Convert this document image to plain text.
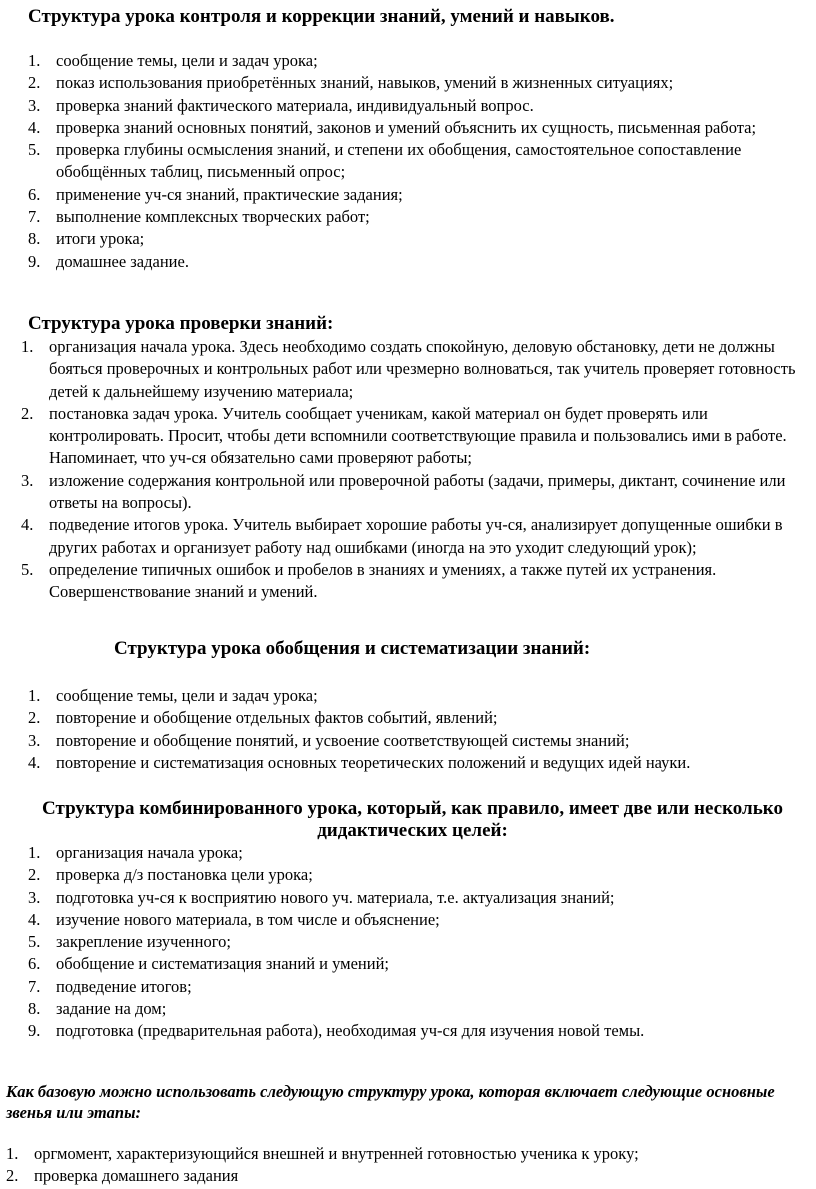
Структура урока контроля и коррекции знаний, умений и навыков.
1. сообщение темы, цели и задач урока;
2. показ использования приобретённых знаний, навыков, умений в жизненных ситуациях;
3. проверка знаний фактического материала, индивидуальный вопрос.
4. проверка знаний основных понятий, законов и умений объяснить их сущность, письменная работа;
5. проверка глубины осмысления знаний, и степени их обобщения, самостоятельное сопоставление обобщённых таблиц, письменный опрос;
6. применение уч-ся знаний, практические задания;
7. выполнение комплексных творческих работ;
8. итоги урока;
9. домашнее задание.
Структура урока проверки знаний:
1. организация начала урока. Здесь необходимо создать спокойную, деловую обстановку, дети не должны бояться проверочных и контрольных работ или чрезмерно волноваться, так учитель проверяет готовность детей к дальнейшему изучению материала;
2. постановка задач урока. Учитель сообщает ученикам, какой материал он будет проверять или контролировать. Просит, чтобы дети вспомнили соответствующие правила и пользовались ими в работе. Напоминает, что уч-ся обязательно сами проверяют работы;
3. изложение содержания контрольной или проверочной работы (задачи, примеры, диктант, сочинение или ответы на вопросы).
4. подведение итогов урока. Учитель выбирает хорошие работы уч-ся, анализирует допущенные ошибки в других работах и организует работу над ошибками (иногда на это уходит следующий урок);
5. определение типичных ошибок и пробелов в знаниях и умениях, а также путей их устранения. Совершенствование знаний и умений.
Структура урока обобщения и систематизации знаний:
1. сообщение темы, цели и задач урока;
2. повторение и обобщение отдельных фактов событий, явлений;
3. повторение и обобщение понятий, и усвоение соответствующей системы знаний;
4. повторение и систематизация основных теоретических положений и ведущих идей науки.
Структура комбинированного урока, который, как правило, имеет две или несколько дидактических целей:
1. организация начала урока;
2. проверка д/з постановка цели урока;
3. подготовка уч-ся к восприятию нового уч. материала, т.е. актуализация знаний;
4. изучение нового материала, в том числе и объяснение;
5. закрепление изученного;
6. обобщение и систематизация знаний и умений;
7. подведение итогов;
8. задание на дом;
9. подготовка (предварительная работа), необходимая уч-ся для изучения новой темы.

Как базовую можно использовать следующую структуру урока, которая включает следующие основные звенья или этапы:

1. оргмомент, характеризующийся внешней и внутренней готовностью ученика к уроку;
2. проверка домашнего задания
